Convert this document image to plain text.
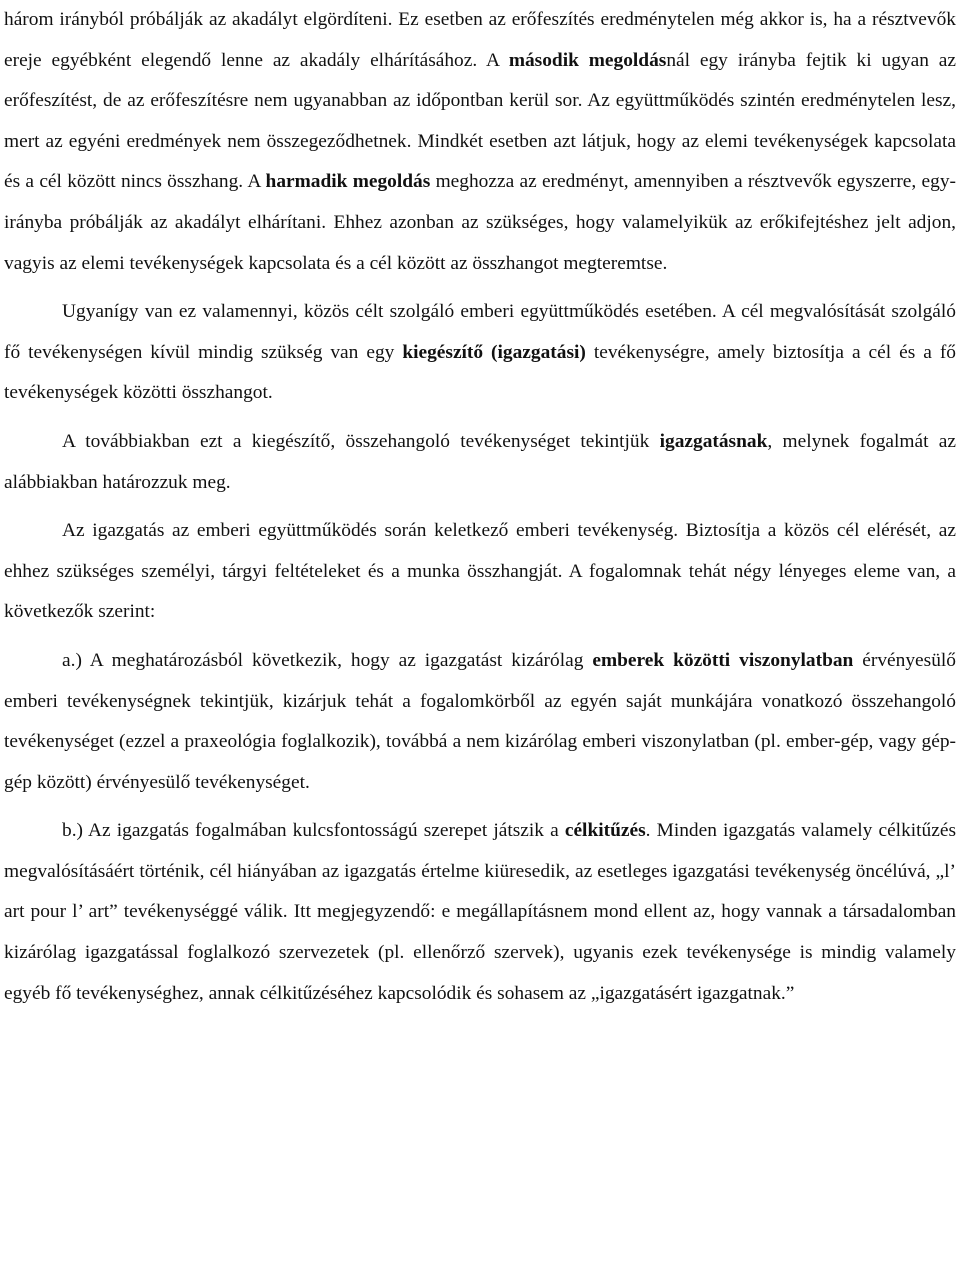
három irányból próbálják az akadályt elgördíteni. Ez esetben az erőfeszítés eredménytelen még akkor is, ha a résztvevők ereje egyébként elegendő lenne az akadály elhárításához. A második megoldásnál egy irányba fejtik ki ugyan az erőfeszítést, de az erőfeszítésre nem ugyanabban az időpontban kerül sor. Az együttműködés szintén eredménytelen lesz, mert az egyéni eredmények nem összegeződhetnek. Mindkét esetben azt látjuk, hogy az elemi tevékenységek kapcsolata és a cél között nincs összhang. A harmadik megoldás meghozza az eredményt, amennyiben a résztvevők egyszerre, egy-irányba próbálják az akadályt elhárítani. Ehhez azonban az szükséges, hogy valamelyikük az erőkifejtéshez jelt adjon, vagyis az elemi tevékenységek kapcsolata és a cél között az összhangot megteremtse.

Ugyanígy van ez valamennyi, közös célt szolgáló emberi együttműködés esetében. A cél megvalósítását szolgáló fő tevékenységen kívül mindig szükség van egy kiegészítő (igazgatási) tevékenységre, amely biztosítja a cél és a fő tevékenységek közötti összhangot.

A továbbiakban ezt a kiegészítő, összehangoló tevékenységet tekintjük igazgatásnak, melynek fogalmát az alábbiakban határozzuk meg.

Az igazgatás az emberi együttműködés során keletkező emberi tevékenység. Biztosítja a közös cél elérését, az ehhez szükséges személyi, tárgyi feltételeket és a munka összhangját. A fogalomnak tehát négy lényeges eleme van, a következők szerint:

a.) A meghatározásból következik, hogy az igazgatást kizárólag emberek közötti viszonylatban érvényesülő emberi tevékenységnek tekintjük, kizárjuk tehát a fogalomkörből az egyén saját munkájára vonatkozó összehangoló tevékenységet (ezzel a praxeológia foglalkozik), továbbá a nem kizárólag emberi viszonylatban (pl. ember-gép, vagy gép-gép között) érvényesülő tevékenységet.

b.) Az igazgatás fogalmában kulcsfontosságú szerepet játszik a célkitűzés. Minden igazgatás valamely célkitűzés megvalósításáért történik, cél hiányában az igazgatás értelme kiüresedik, az esetleges igazgatási tevékenység öncélúvá, „l’ art pour l’ art” tevékenységgé válik. Itt megjegyzendő: e megállapításnem mond ellent az, hogy vannak a társadalomban kizárólag igazgatással foglalkozó szervezetek (pl. ellenőrző szervek), ugyanis ezek tevékenysége is mindig valamely egyéb fő tevékenységhez, annak célkitűzéséhez kapcsolódik és sohasem az „igazgatásért igazgatnak.”
